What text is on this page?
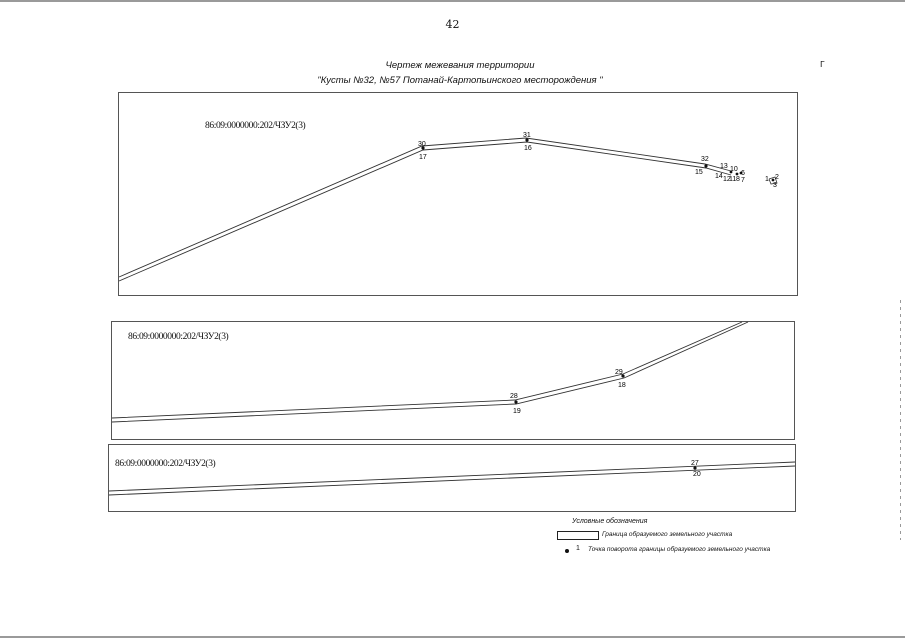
42
Чертеж межевания территории
"Кусты №32, №57 Потанай-Картопьинского месторождения "
Г
86:09:0000000:202/ЧЗУ2(3)
30
17
31
16
32
15
13
14 12
11
10
8
6
7	1 2
3
86:09:0000000:202/ЧЗУ2(3)
28
19
29
18
86:09:0000000:202/ЧЗУ2(3)	27
20
Условные обозначения
Граница образуемого земельного участка
1 Точка поворота границы образуемого земельного участка
